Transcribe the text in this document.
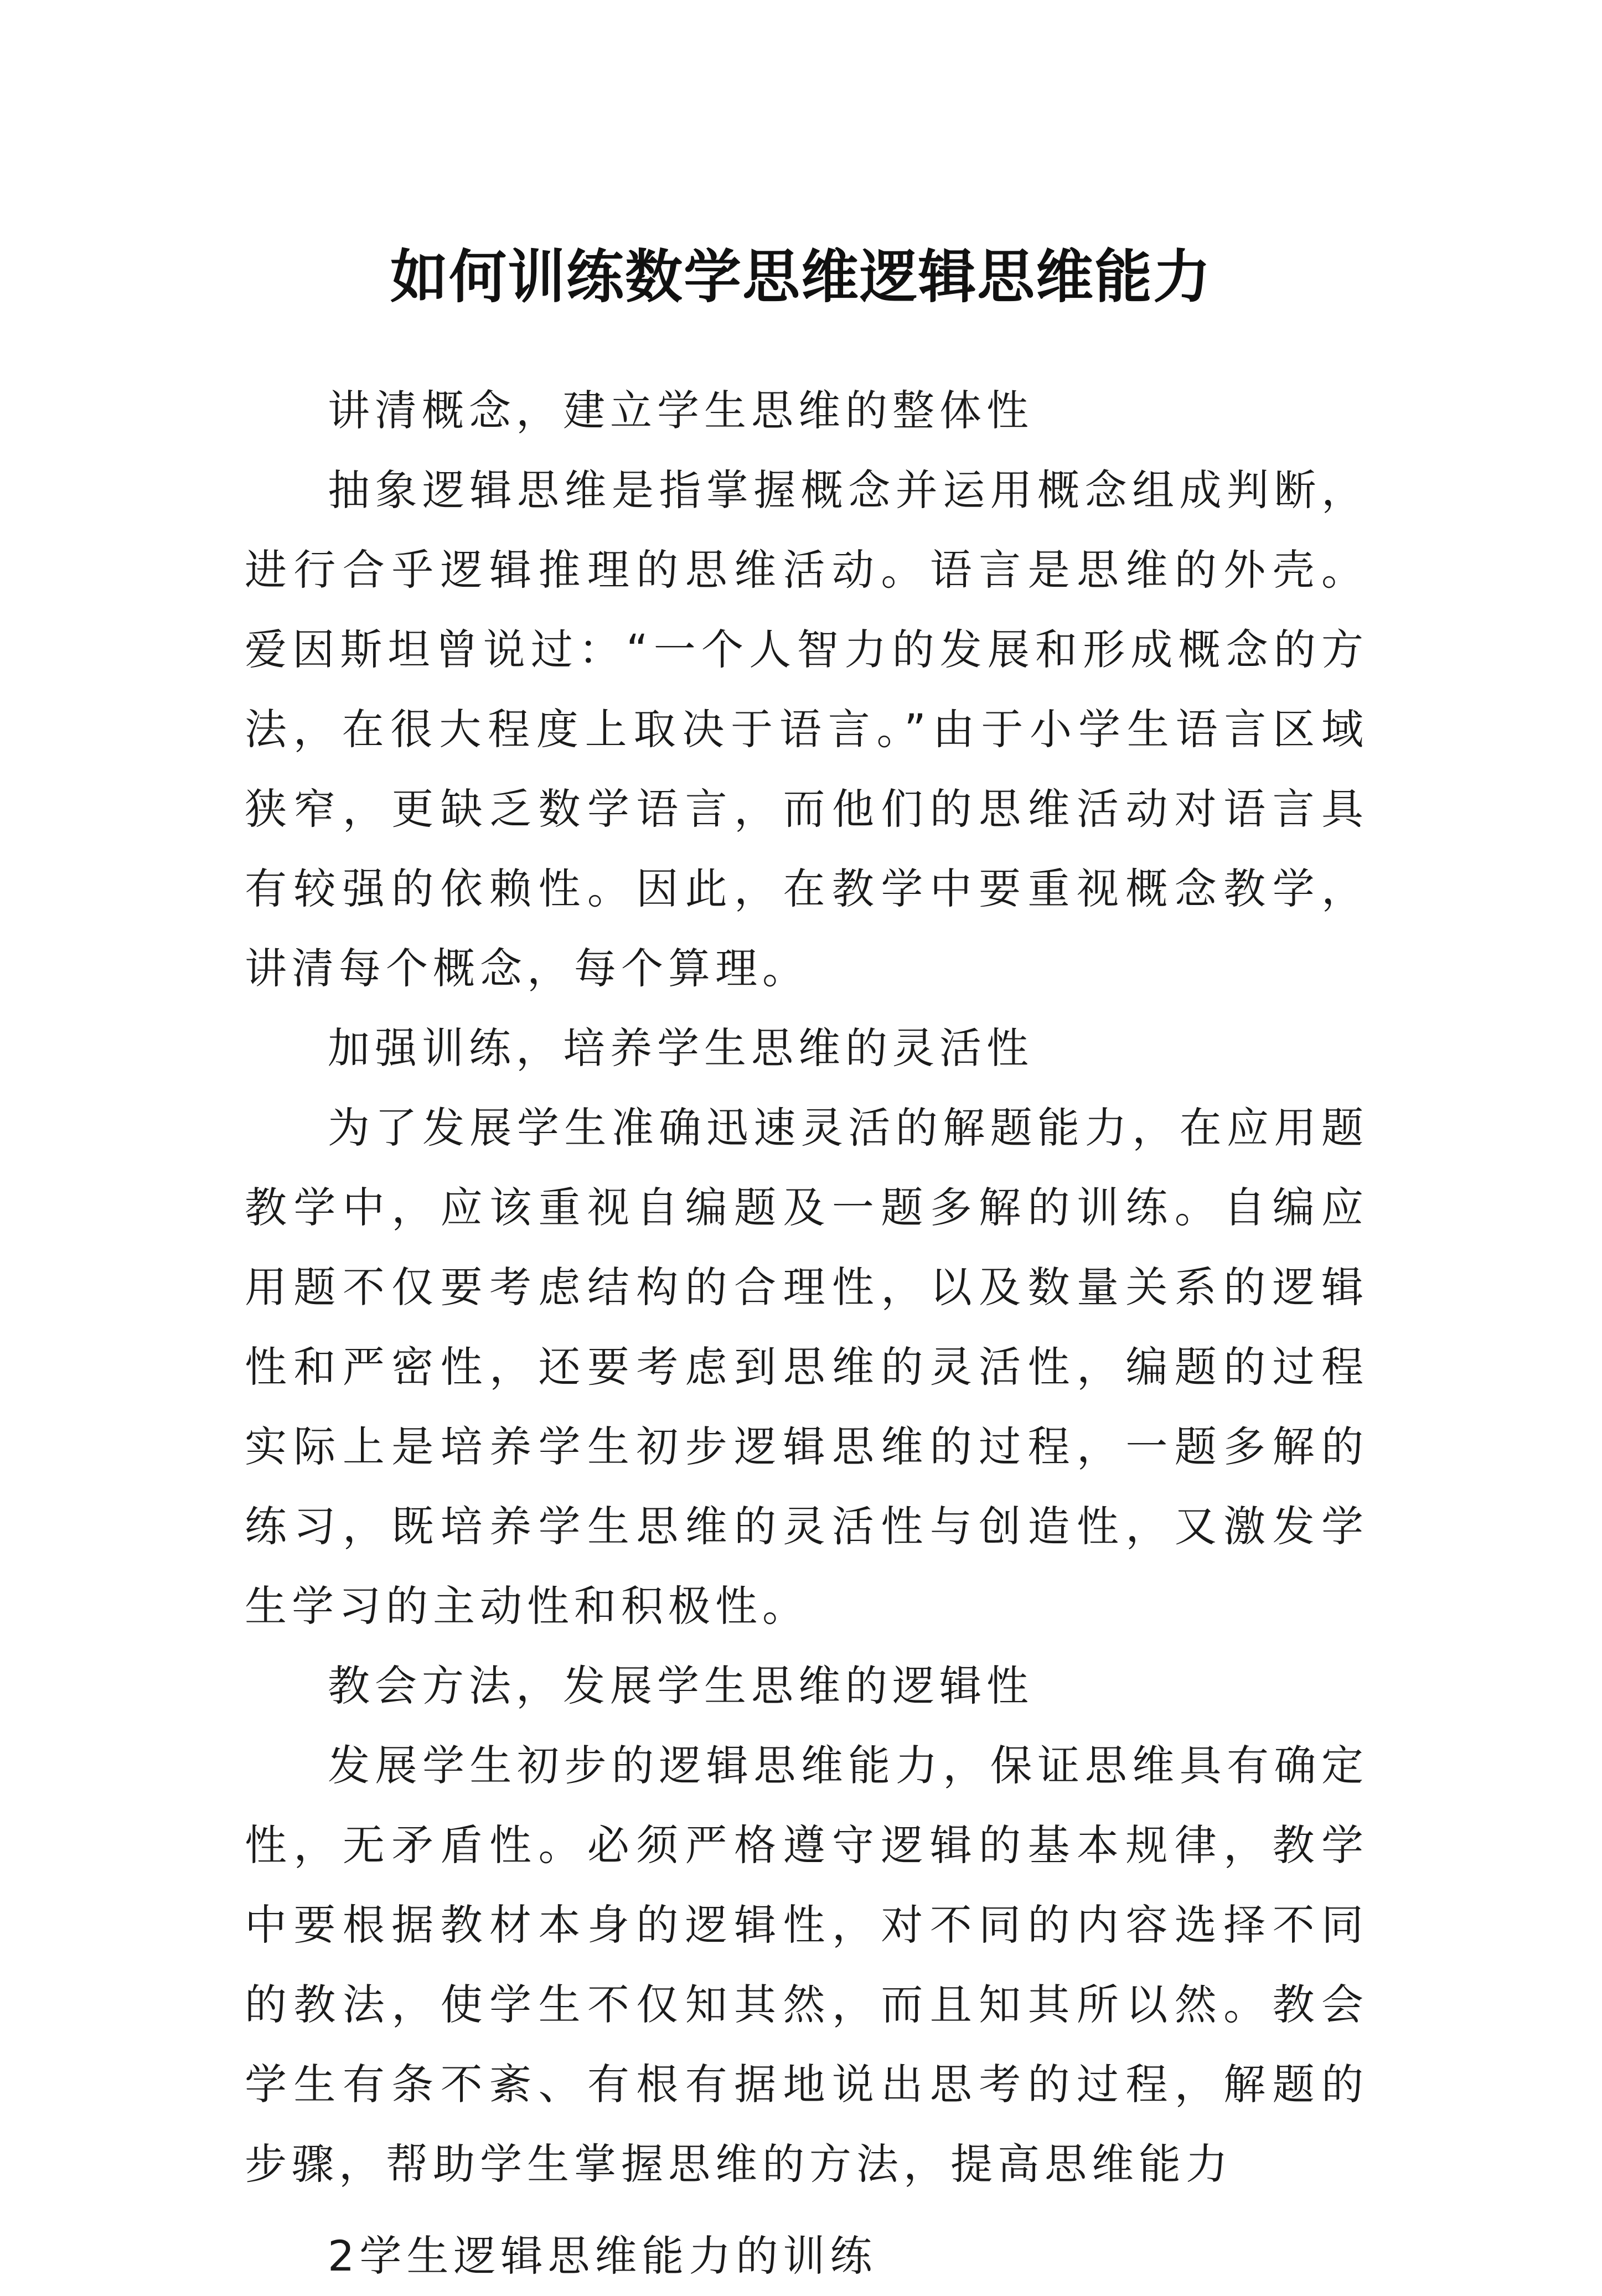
如何训练数学思维逻辑思维能力

讲清概念，建立学生思维的整体性

抽象逻辑思维是指掌握概念并运用概念组成判断，进行合乎逻辑推理的思维活动。语言是思维的外壳。爱因斯坦曾说过：“一个人智力的发展和形成概念的方法，在很大程度上取决于语言。”由于小学生语言区域狭窄，更缺乏数学语言，而他们的思维活动对语言具有较强的依赖性。因此，在教学中要重视概念教学，讲清每个概念，每个算理。

加强训练，培养学生思维的灵活性

为了发展学生准确迅速灵活的解题能力，在应用题教学中，应该重视自编题及一题多解的训练。自编应用题不仅要考虑结构的合理性，以及数量关系的逻辑性和严密性，还要考虑到思维的灵活性，编题的过程实际上是培养学生初步逻辑思维的过程，一题多解的练习，既培养学生思维的灵活性与创造性，又激发学生学习的主动性和积极性。

教会方法，发展学生思维的逻辑性

发展学生初步的逻辑思维能力，保证思维具有确定性，无矛盾性。必须严格遵守逻辑的基本规律，教学中要根据教材本身的逻辑性，对不同的内容选择不同的教法，使学生不仅知其然，而且知其所以然。教会学生有条不紊、有根有据地说出思考的过程，解题的步骤，帮助学生掌握思维的方法，提高思维能力

2学生逻辑思维能力的训练
